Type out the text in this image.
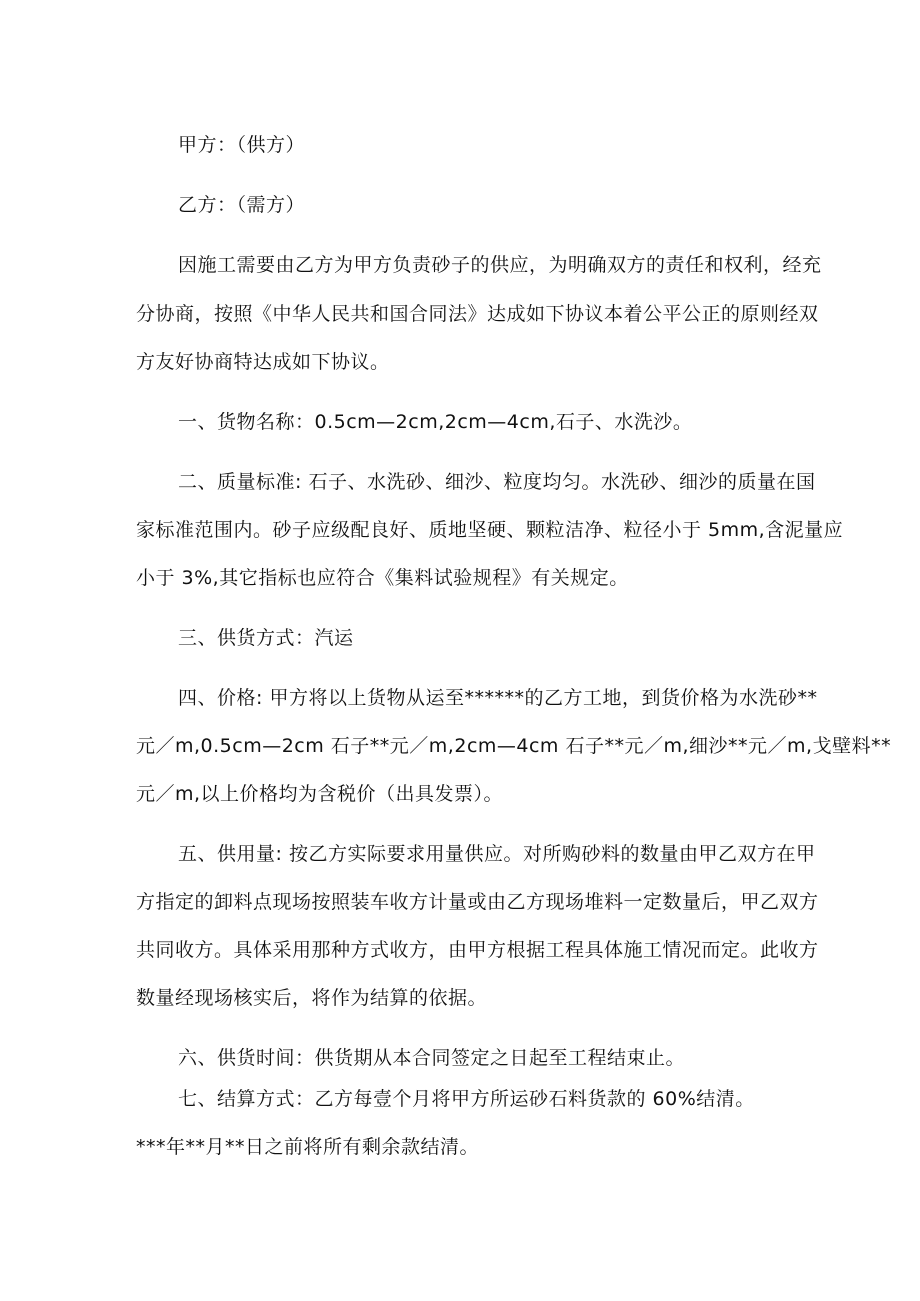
甲方：（供方）
乙方：（需方）
因施工需要由乙方为甲方负责砂子的供应，为明确双方的责任和权利，经充
分协商，按照《中华人民共和国合同法》达成如下协议本着公平公正的原则经双
方友好协商特达成如下协议。
一、货物名称：0.5cm—2cm,2cm—4cm,石子、水洗沙。
二、质量标准: 石子、水洗砂、细沙、粒度均匀。水洗砂、细沙的质量在国
家标准范围内。砂子应级配良好、质地坚硬、颗粒洁净、粒径小于 5mm,含泥量应
小于 3%,其它指标也应符合《集料试验规程》有关规定。
三、供货方式：汽运
四、价格: 甲方将以上货物从运至******的乙方工地，到货价格为水洗砂**
元／m,0.5cm—2cm 石子**元／m,2cm—4cm 石子**元／m,细沙**元／m,戈壁料**
元／m,以上价格均为含税价（出具发票）。
五、供用量: 按乙方实际要求用量供应。对所购砂料的数量由甲乙双方在甲
方指定的卸料点现场按照装车收方计量或由乙方现场堆料一定数量后，甲乙双方
共同收方。具体采用那种方式收方，由甲方根据工程具体施工情况而定。此收方
数量经现场核实后，将作为结算的依据。
六、供货时间：供货期从本合同签定之日起至工程结束止。
七、结算方式：乙方每壹个月将甲方所运砂石料货款的 60%结清。
***年**月**日之前将所有剩余款结清。
